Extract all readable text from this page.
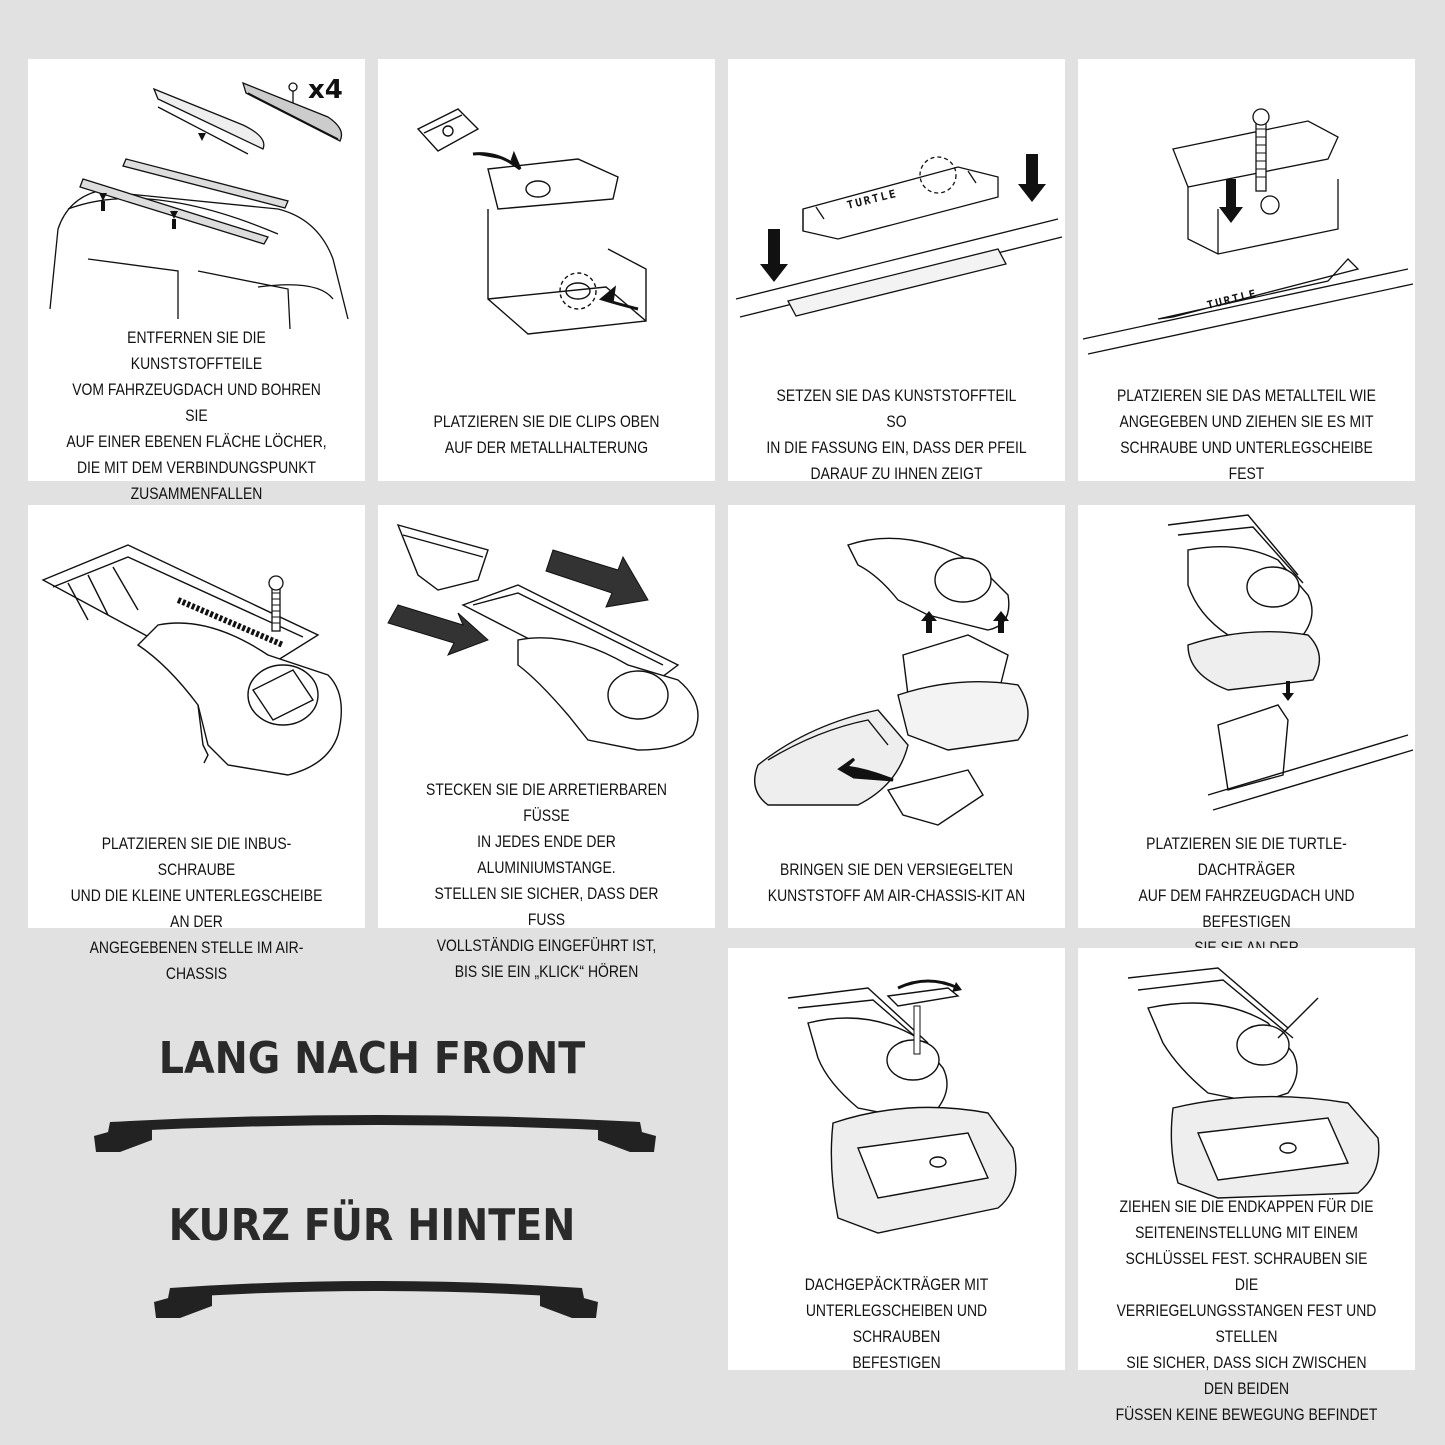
x4
ENTFERNEN SIE DIE KUNSTSTOFFTEILE
VOM FAHRZEUGDACH UND BOHREN SIE
AUF EINER EBENEN FLÄCHE LÖCHER,
DIE MIT DEM VERBINDUNGSPUNKT
ZUSAMMENFALLEN
PLATZIEREN SIE DIE CLIPS OBEN
AUF DER METALLHALTERUNG
TURTLE
SETZEN SIE DAS KUNSTSTOFFTEIL SO
IN DIE FASSUNG EIN, DASS DER PFEIL
DARAUF ZU IHNEN ZEIGT
TURTLE
PLATZIEREN SIE DAS METALLTEIL WIE
ANGEGEBEN UND ZIEHEN SIE ES MIT
SCHRAUBE UND UNTERLEGSCHEIBE FEST
PLATZIEREN SIE DIE INBUS-SCHRAUBE
UND DIE KLEINE UNTERLEGSCHEIBE AN DER
ANGEGEBENEN STELLE IM AIR-CHASSIS
STECKEN SIE DIE ARRETIERBAREN FÜSSE
IN JEDES ENDE DER ALUMINIUMSTANGE.
STELLEN SIE SICHER, DASS DER FUSS
VOLLSTÄNDIG EINGEFÜHRT IST,
BIS SIE EIN „KLICK“ HÖREN
BRINGEN SIE DEN VERSIEGELTEN
KUNSTSTOFF AM AIR-CHASSIS-KIT AN
PLATZIEREN SIE DIE TURTLE-DACHTRÄGER
AUF DEM FAHRZEUGDACH UND BEFESTIGEN
LANG NACH FRONT
KURZ FÜR HINTEN
DACHGEPÄCKTRÄGER MIT
UNTERLEGSCHEIBEN UND SCHRAUBEN
BEFESTIGEN
ZIEHEN SIE DIE ENDKAPPEN FÜR DIE
SEITENEINSTELLUNG MIT EINEM
SCHLÜSSEL FEST. SCHRAUBEN SIE DIE
VERRIEGELUNGSSTANGEN FEST UND STELLEN
SIE SICHER, DASS SICH ZWISCHEN DEN BEIDEN
FÜSSEN KEINE BEWEGUNG BEFINDET
